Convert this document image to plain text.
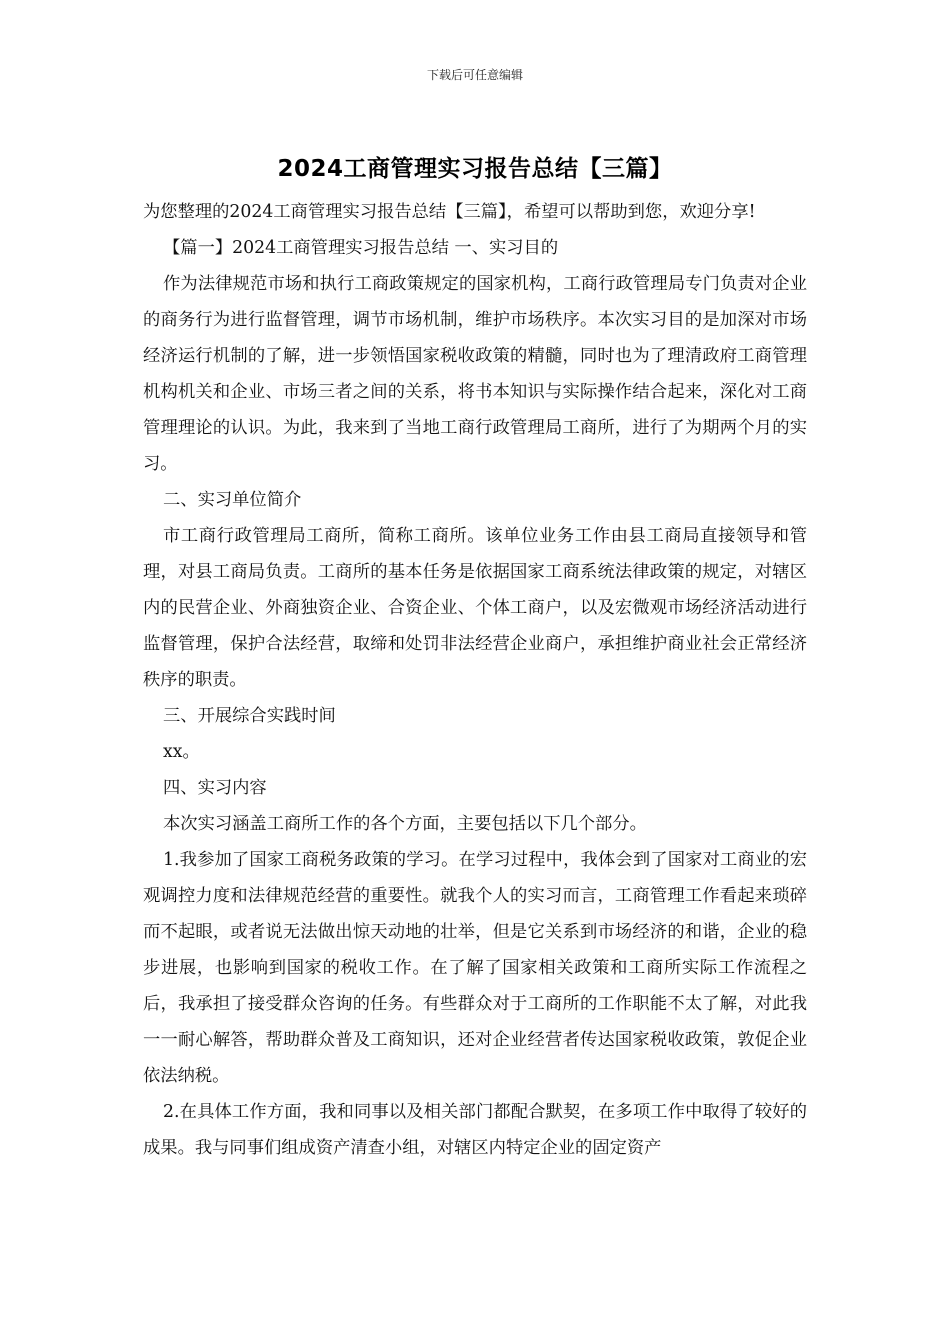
下载后可任意编辑

2024工商管理实习报告总结【三篇】

为您整理的2024工商管理实习报告总结【三篇】，希望可以帮助到您，欢迎分享!

【篇一】2024工商管理实习报告总结 一、实习目的

作为法律规范市场和执行工商政策规定的国家机构，工商行政管理局专门负责对企业的商务行为进行监督管理，调节市场机制，维护市场秩序。本次实习目的是加深对市场经济运行机制的了解，进一步领悟国家税收政策的精髓，同时也为了理清政府工商管理机构机关和企业、市场三者之间的关系，将书本知识与实际操作结合起来，深化对工商管理理论的认识。为此，我来到了当地工商行政管理局工商所，进行了为期两个月的实习。

二、实习单位简介

市工商行政管理局工商所，简称工商所。该单位业务工作由县工商局直接领导和管理，对县工商局负责。工商所的基本任务是依据国家工商系统法律政策的规定，对辖区内的民营企业、外商独资企业、合资企业、个体工商户，以及宏微观市场经济活动进行监督管理，保护合法经营，取缔和处罚非法经营企业商户，承担维护商业社会正常经济秩序的职责。

三、开展综合实践时间

xx。

四、实习内容

本次实习涵盖工商所工作的各个方面，主要包括以下几个部分。

1.我参加了国家工商税务政策的学习。在学习过程中，我体会到了国家对工商业的宏观调控力度和法律规范经营的重要性。就我个人的实习而言，工商管理工作看起来琐碎而不起眼，或者说无法做出惊天动地的壮举，但是它关系到市场经济的和谐，企业的稳步进展，也影响到国家的税收工作。在了解了国家相关政策和工商所实际工作流程之后，我承担了接受群众咨询的任务。有些群众对于工商所的工作职能不太了解，对此我一一耐心解答，帮助群众普及工商知识，还对企业经营者传达国家税收政策，敦促企业依法纳税。

2.在具体工作方面，我和同事以及相关部门都配合默契，在多项工作中取得了较好的成果。我与同事们组成资产清查小组，对辖区内特定企业的固定资产
